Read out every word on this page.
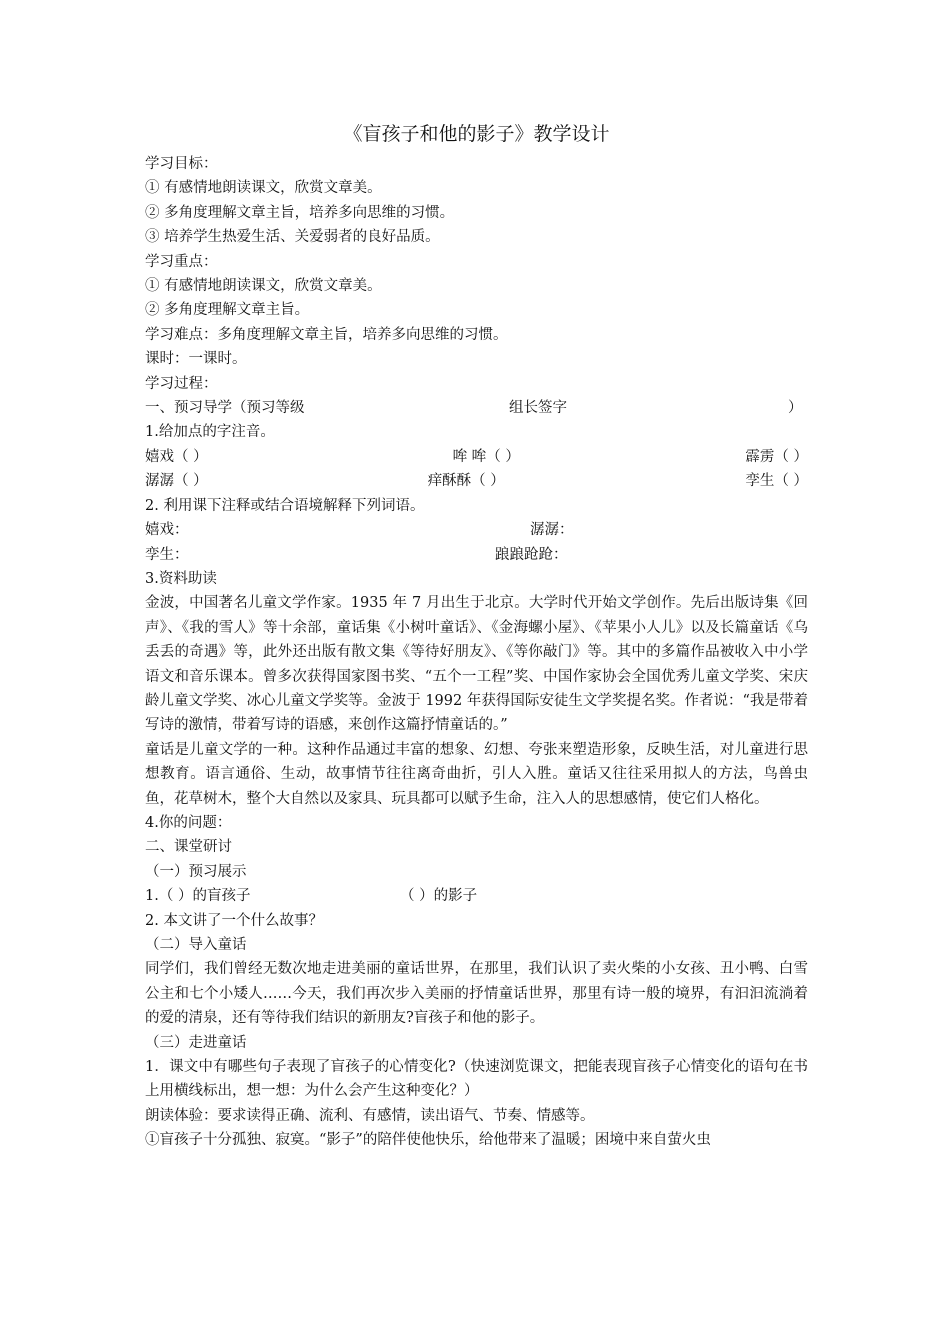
《盲孩子和他的影子》教学设计
学习目标：
① 有感情地朗读课文，欣赏文章美。
② 多角度理解文章主旨，培养多向思维的习惯。
③ 培养学生热爱生活、关爱弱者的良好品质。
学习重点：
① 有感情地朗读课文，欣赏文章美。
② 多角度理解文章主旨。
学习难点：多角度理解文章主旨，培养多向思维的习惯。
课时：一课时。
学习过程：
一、预习导学（预习等级	组长签字	）
1.给加点的字注音。
嬉戏（ ）	哞 哞（ ）	霹雳（ ）
潺潺（ ）	痒酥酥（ ）	孪生（ ）
2. 利用课下注释或结合语境解释下列词语。
嬉戏：	潺潺：
孪生：	踉踉跄跄：
3.资料助读
金波，中国著名儿童文学作家。1935 年 7 月出生于北京。大学时代开始文学创作。先后出版诗集《回声》、《我的雪人》等十余部，童话集《小树叶童话》、《金海螺小屋》、《苹果小人儿》以及长篇童话《乌丢丢的奇遇》等，此外还出版有散文集《等待好朋友》、《等你敲门》等。其中的多篇作品被收入中小学语文和音乐课本。曾多次获得国家图书奖、“五个一工程”奖、中国作家协会全国优秀儿童文学奖、宋庆龄儿童文学奖、冰心儿童文学奖等。金波于 1992 年获得国际安徒生文学奖提名奖。作者说：“我是带着写诗的激情，带着写诗的语感，来创作这篇抒情童话的。”
童话是儿童文学的一种。这种作品通过丰富的想象、幻想、夸张来塑造形象，反映生活，对儿童进行思想教育。语言通俗、生动，故事情节往往离奇曲折，引人入胜。童话又往往采用拟人的方法，鸟兽虫鱼，花草树木，整个大自然以及家具、玩具都可以赋予生命，注入人的思想感情，使它们人格化。
4.你的问题：
二、课堂研讨
（一）预习展示
1.（ ）的盲孩子	（ ）的影子
2. 本文讲了一个什么故事？
（二）导入童话
同学们，我们曾经无数次地走进美丽的童话世界，在那里，我们认识了卖火柴的小女孩、丑小鸭、白雪公主和七个小矮人……今天，我们再次步入美丽的抒情童话世界，那里有诗一般的境界，有汩汩流淌着的爱的清泉，还有等待我们结识的新朋友?盲孩子和他的影子。
（三）走进童话
1．课文中有哪些句子表现了盲孩子的心情变化?（快速浏览课文，把能表现盲孩子心情变化的语句在书上用横线标出，想一想：为什么会产生这种变化？）
朗读体验：要求读得正确、流利、有感情，读出语气、节奏、情感等。
①盲孩子十分孤独、寂寞。“影子”的陪伴使他快乐，给他带来了温暖；困境中来自萤火虫
